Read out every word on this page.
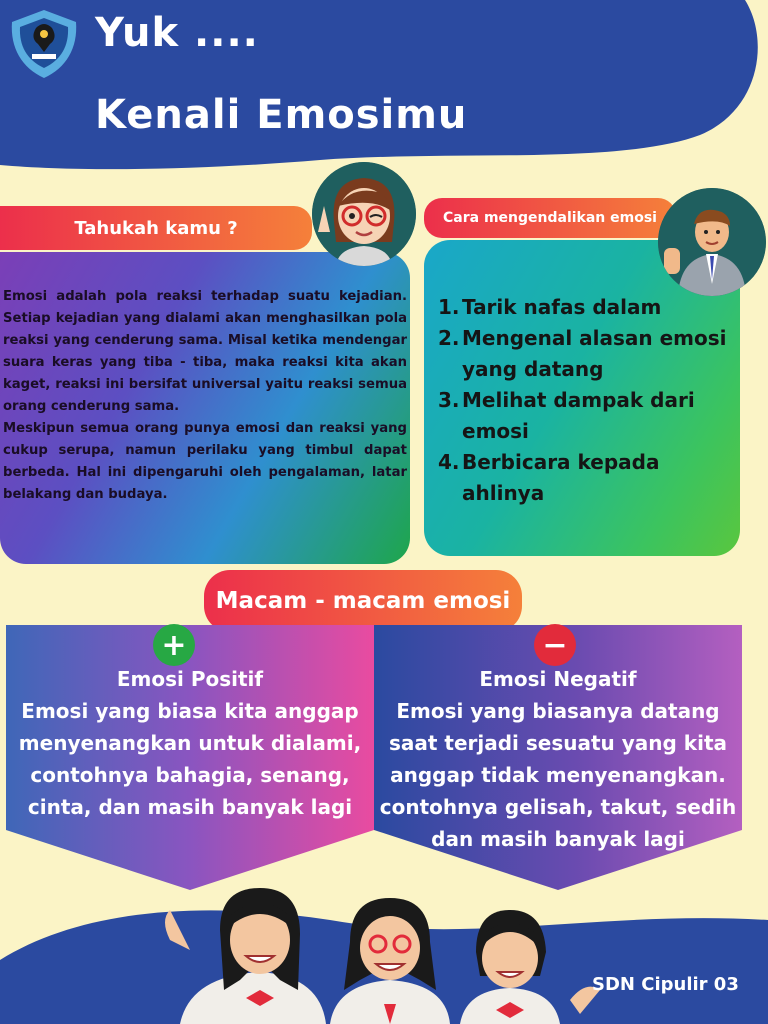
Yuk ....
Kenali Emosimu
Tahukah kamu ?

Emosi adalah pola reaksi terhadap suatu kejadian. Setiap kejadian yang dialami akan menghasilkan pola reaksi yang cenderung sama. Misal ketika mendengar suara keras yang tiba - tiba, maka reaksi kita akan kaget, reaksi ini bersifat universal yaitu reaksi semua orang cenderung sama.

Meskipun semua orang punya emosi dan reaksi yang cukup serupa, namun perilaku yang timbul dapat berbeda. Hal ini dipengaruhi oleh pengalaman, latar belakang dan budaya.

Cara mengendalikan emosi
1. Tarik nafas dalam
2. Mengenal alasan emosi yang datang
3. Melihat dampak dari emosi
4. Berbicara kepada ahlinya
Macam - macam emosi
Emosi Positif
Emosi yang biasa kita anggap menyenangkan untuk dialami, contohnya bahagia, senang, cinta, dan masih banyak lagi
Emosi Negatif
Emosi yang biasanya datang saat terjadi sesuatu yang kita anggap tidak menyenangkan. contohnya gelisah, takut, sedih dan masih banyak lagi
+	−
SDN Cipulir 03
